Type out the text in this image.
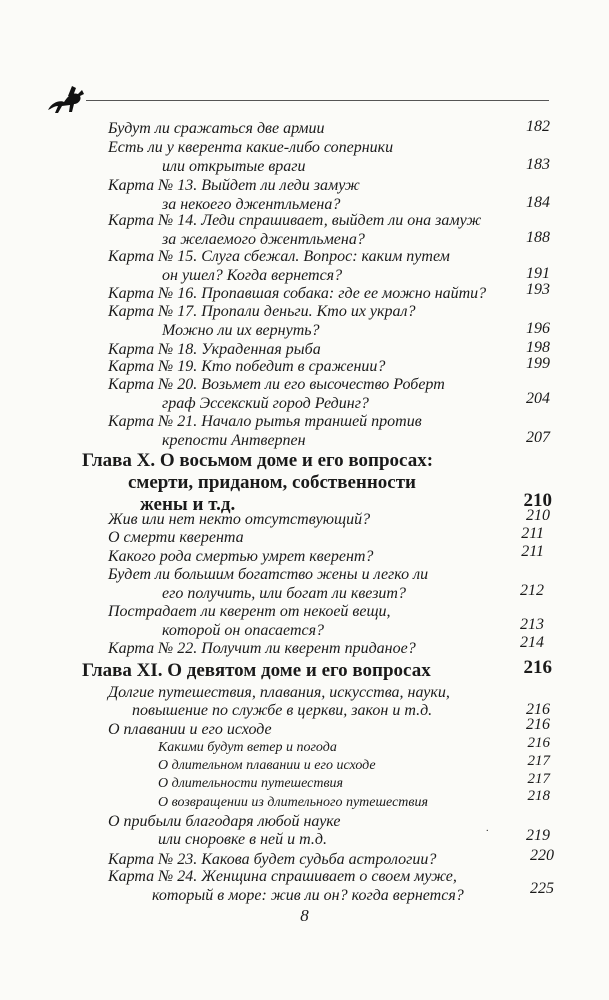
Будут ли сражаться две армии	182
Есть ли у кверента какие-либо соперники
или открытые враги	183
Карта № 13. Выйдет ли леди замуж
за некоего джентльмена?	184
Карта № 14. Леди спрашивает, выйдет ли она замуж
за желаемого джентльмена?	188
Карта № 15. Слуга сбежал. Вопрос: каким путем
он ушел? Когда вернется?	191
Карта № 16. Пропавшая собака: где ее можно найти?	193
Карта № 17. Пропали деньги. Кто их украл?
Можно ли их вернуть?	196
Карта № 18. Украденная рыба	198
Карта № 19. Кто победит в сражении?	199
Карта № 20. Возьмет ли его высочество Роберт
граф Эссекский город Рединг?	204
Карта № 21. Начало рытья траншей против
крепости Антверпен	207
Глава X. О восьмом доме и его вопросах:
смерти, приданом, собственности
жены и т.д.	210
Жив или нет некто отсутствующий?	210
О смерти кверента	211
Какого рода смертью умрет кверент?	211
Будет ли большим богатство жены и легко ли
его получить, или богат ли квезит?	212
Пострадает ли кверент от некоей вещи,
которой он опасается?	213
Карта № 22. Получит ли кверент приданое?	214
Глава XI. О девятом доме и его вопросах	216
Долгие путешествия, плавания, искусства, науки,
повышение по службе в церкви, закон и т.д.	216
О плавании и его исходе	216
Какими будут ветер и погода	216
О длительном плавании и его исходе	217
О длительности путешествия	217
О возвращении из длительного путешествия	218
О прибыли благодаря любой науке
или сноровке в ней и т.д.
.	219
Карта № 23. Какова будет судьба астрологии?	220
Карта № 24. Женщина спрашивает о своем муже,
который в море: жив ли он? когда вернется?	225
8
